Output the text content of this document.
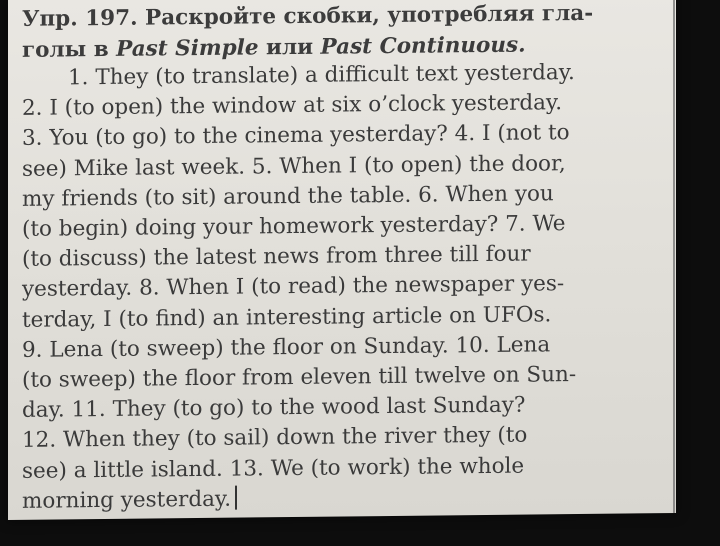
Упр. 197. Раскройте скобки, употребляя гла-
голы в Past Simple или Past Continuous.
1. They (to translate) a difficult text yesterday.
2. I (to open) the window at six o’clock yesterday.
3. You (to go) to the cinema yesterday? 4. I (not to
see) Mike last week. 5. When I (to open) the door,
my friends (to sit) around the table. 6. When you
(to begin) doing your homework yesterday? 7. We
(to discuss) the latest news from three till four
yesterday. 8. When I (to read) the newspaper yes-
terday, I (to find) an interesting article on UFOs.
9. Lena (to sweep) the floor on Sunday. 10. Lena
(to sweep) the floor from eleven till twelve on Sun-
day. 11. They (to go) to the wood last Sunday?
12. When they (to sail) down the river they (to
see) a little island. 13. We (to work) the whole
morning yesterday.
